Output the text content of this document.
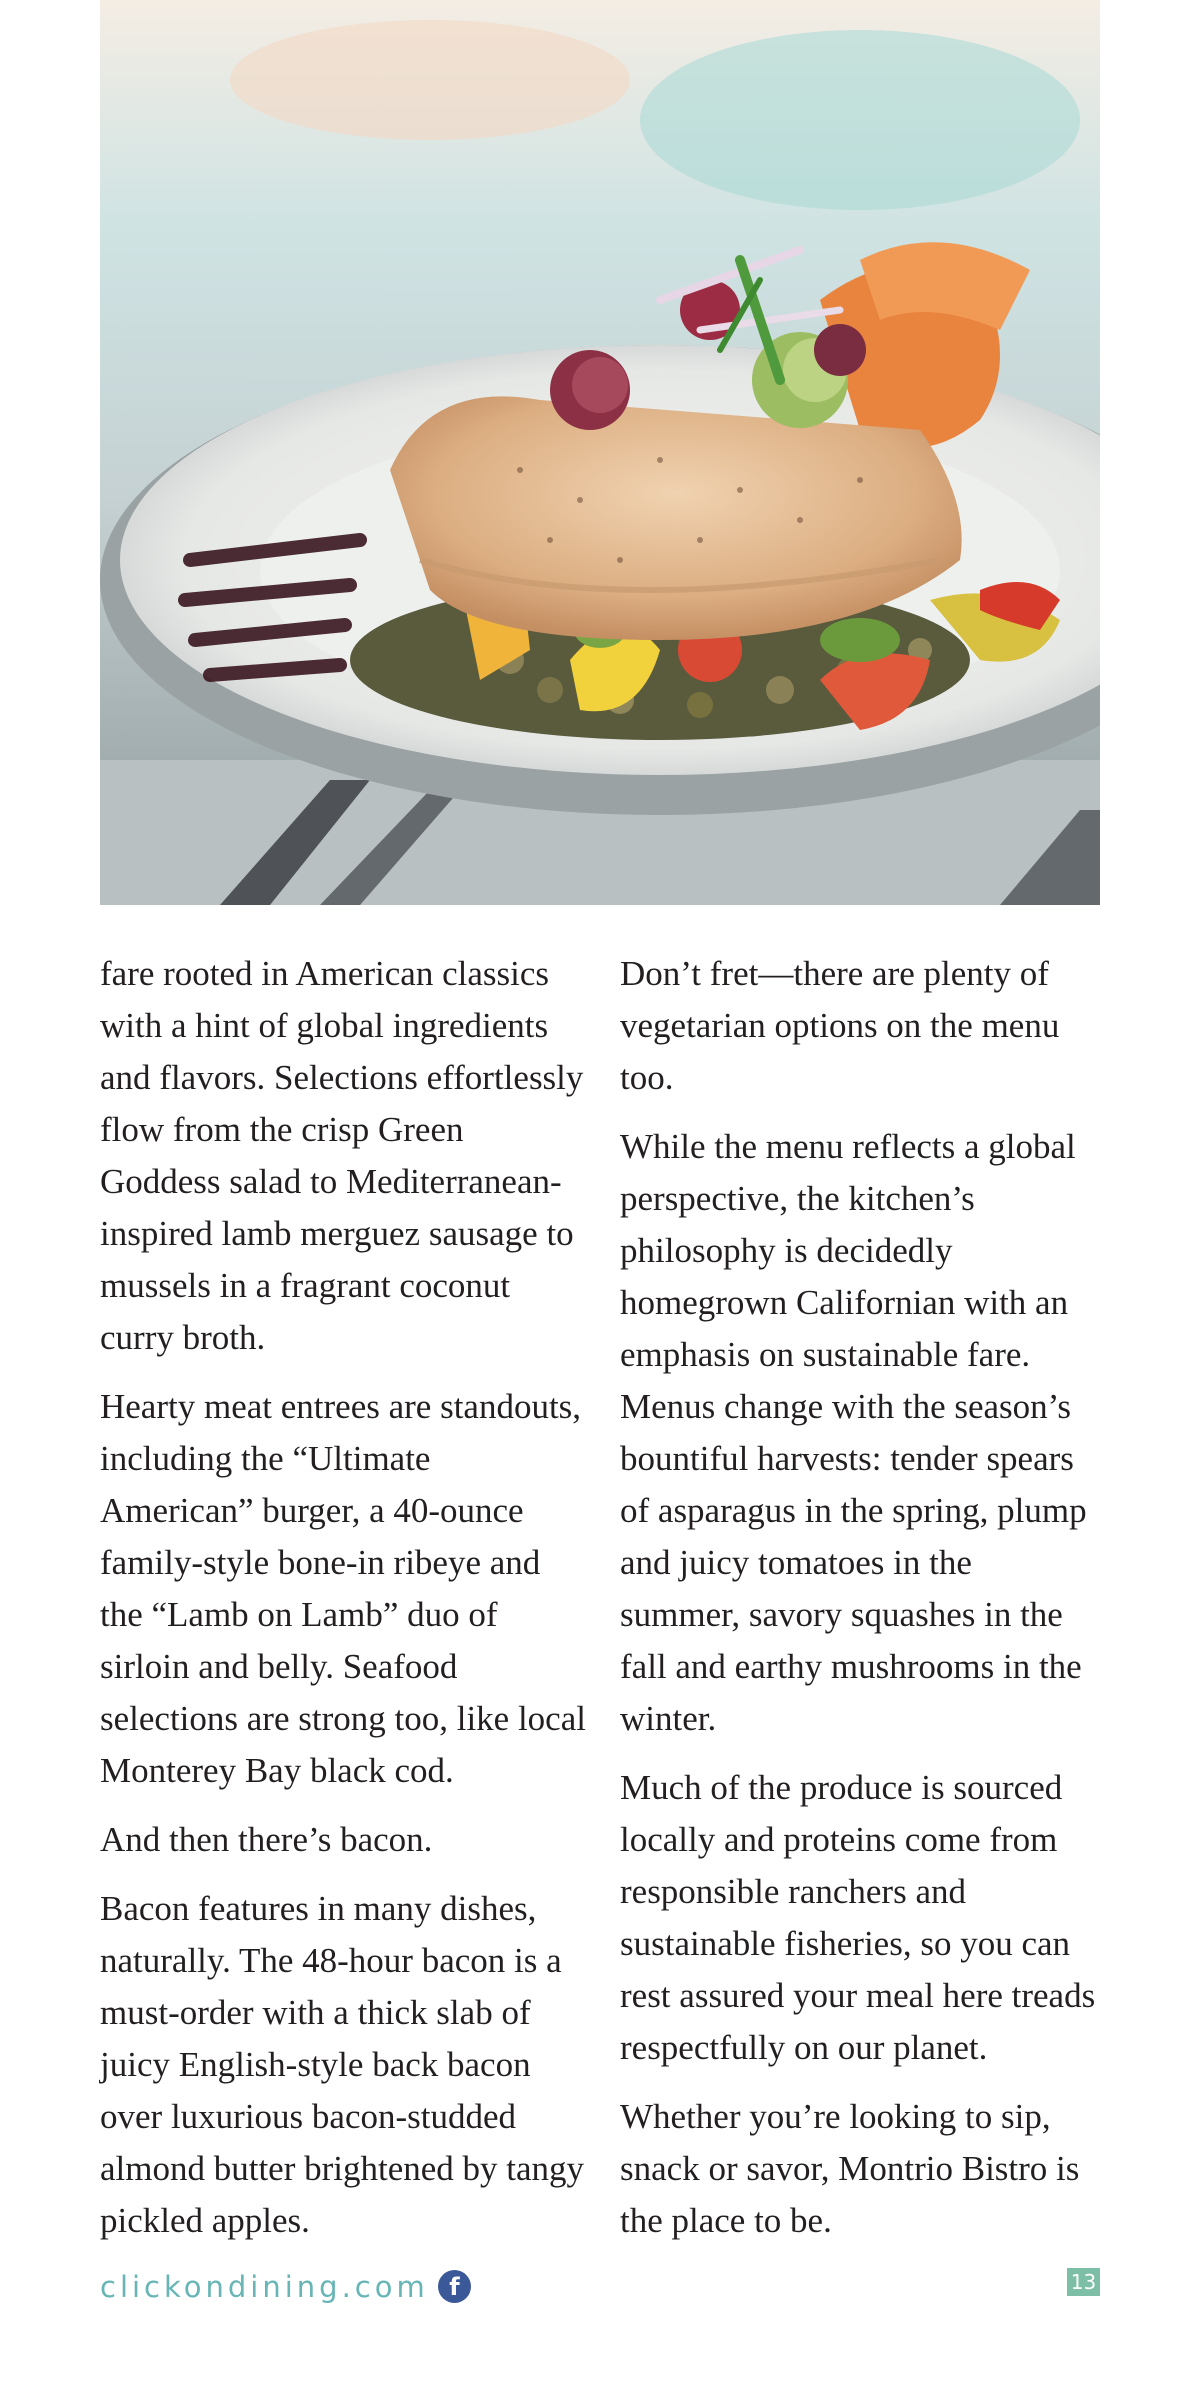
fare rooted in American classics with a hint of global ingredients and flavors. Selections effortlessly flow from the crisp Green Goddess salad to Mediterranean-inspired lamb merguez sausage to mussels in a fragrant coconut curry broth.

Hearty meat entrees are standouts, including the “Ultimate American” burger, a 40-ounce family-style bone-in ribeye and the “Lamb on Lamb” duo of sirloin and belly. Seafood selections are strong too, like local Monterey Bay black cod.

And then there’s bacon.

Bacon features in many dishes, naturally. The 48-hour bacon is a must-order with a thick slab of juicy English-style back bacon over luxurious bacon-studded almond butter brightened by tangy pickled apples.

Don’t fret—there are plenty of vegetarian options on the menu too.

While the menu reflects a global perspective, the kitchen’s philosophy is decidedly homegrown Californian with an emphasis on sustainable fare. Menus change with the season’s bountiful harvests: tender spears of asparagus in the spring, plump and juicy tomatoes in the summer, savory squashes in the fall and earthy mushrooms in the winter.

Much of the produce is sourced locally and proteins come from responsible ranchers and sustainable fisheries, so you can rest assured your meal here treads respectfully on our planet.

Whether you’re looking to sip, snack or savor, Montrio Bistro is the place to be.

clickondining.com f	13
